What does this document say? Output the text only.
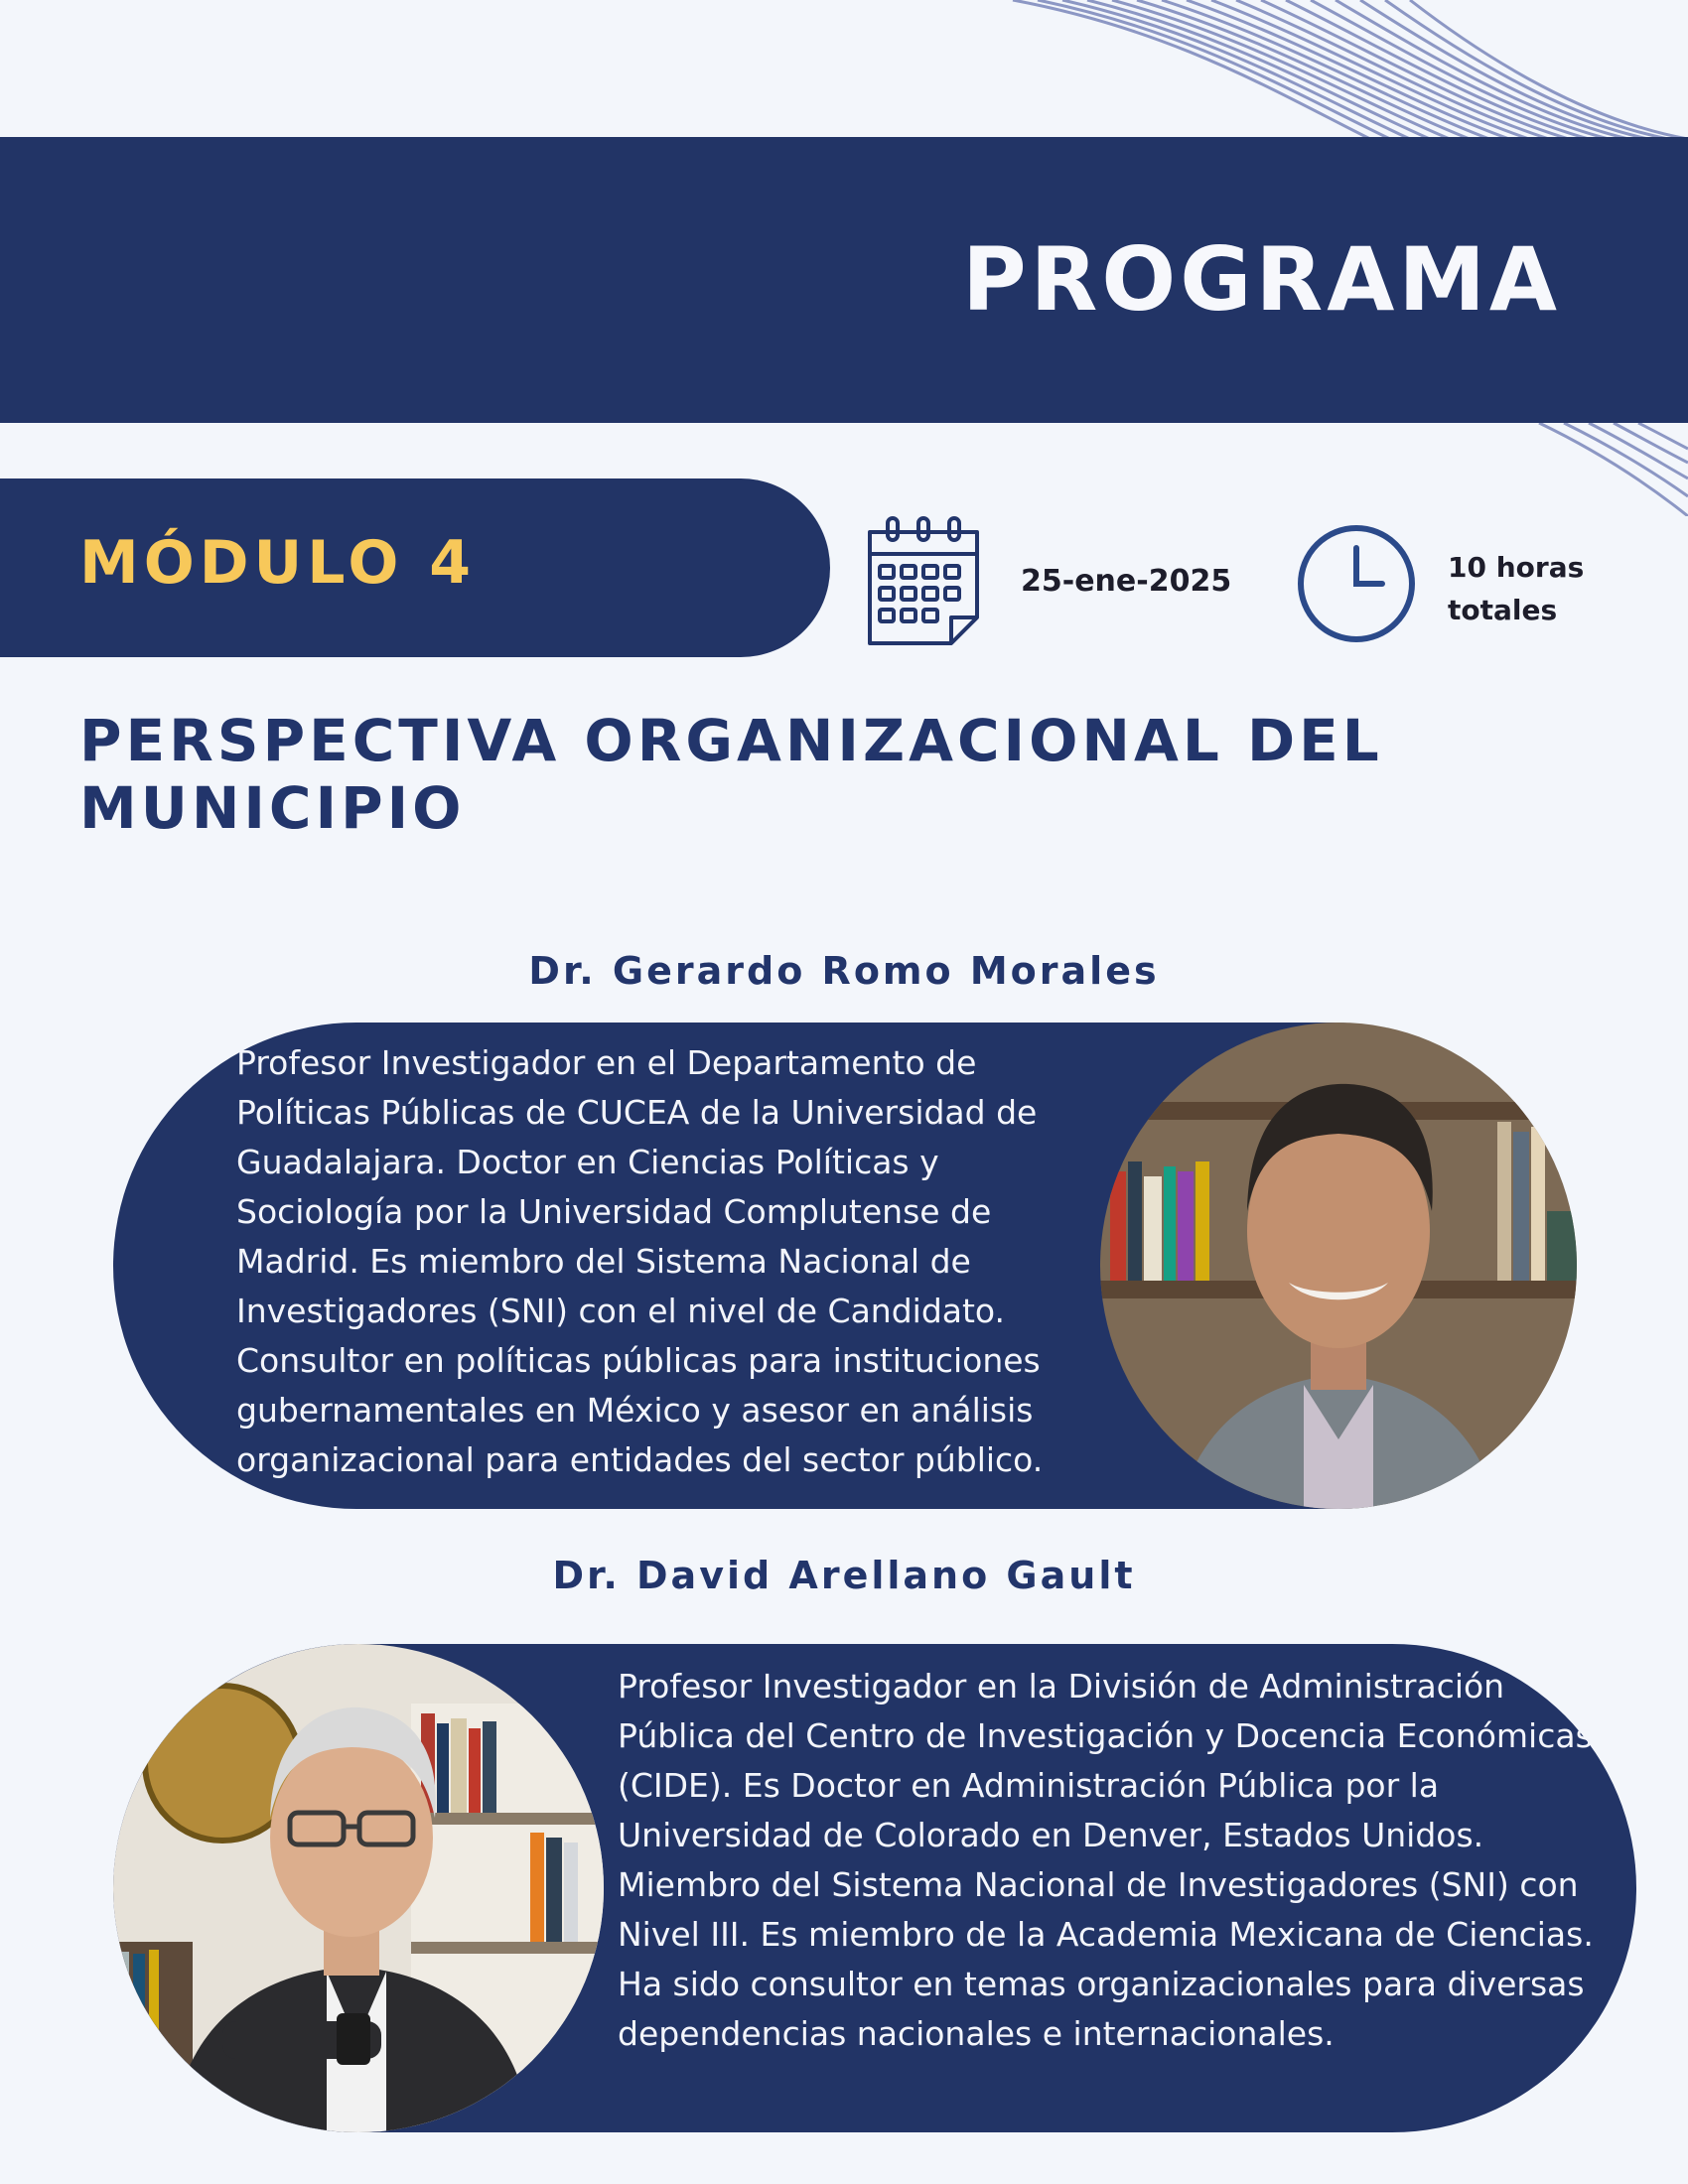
PROGRAMA
MÓDULO 4	25-ene-2025	10 horas
totales
PERSPECTIVA ORGANIZACIONAL DEL MUNICIPIO

Dr. Gerardo Romo Morales

Profesor Investigador en el Departamento de Políticas Públicas de CUCEA de la Universidad de Guadalajara. Doctor en Ciencias Políticas y Sociología por la Universidad Complutense de Madrid. Es miembro del Sistema Nacional de Investigadores (SNI) con el nivel de Candidato. Consultor en políticas públicas para instituciones gubernamentales en México y asesor en análisis organizacional para entidades del sector público.

Dr. David Arellano Gault

Profesor Investigador en la División de Administración Pública del Centro de Investigación y Docencia Económicas (CIDE). Es Doctor en Administración Pública por la Universidad de Colorado en Denver, Estados Unidos. Miembro del Sistema Nacional de Investigadores (SNI) con Nivel III. Es miembro de la Academia Mexicana de Ciencias. Ha sido consultor en temas organizacionales para diversas dependencias nacionales e internacionales.
